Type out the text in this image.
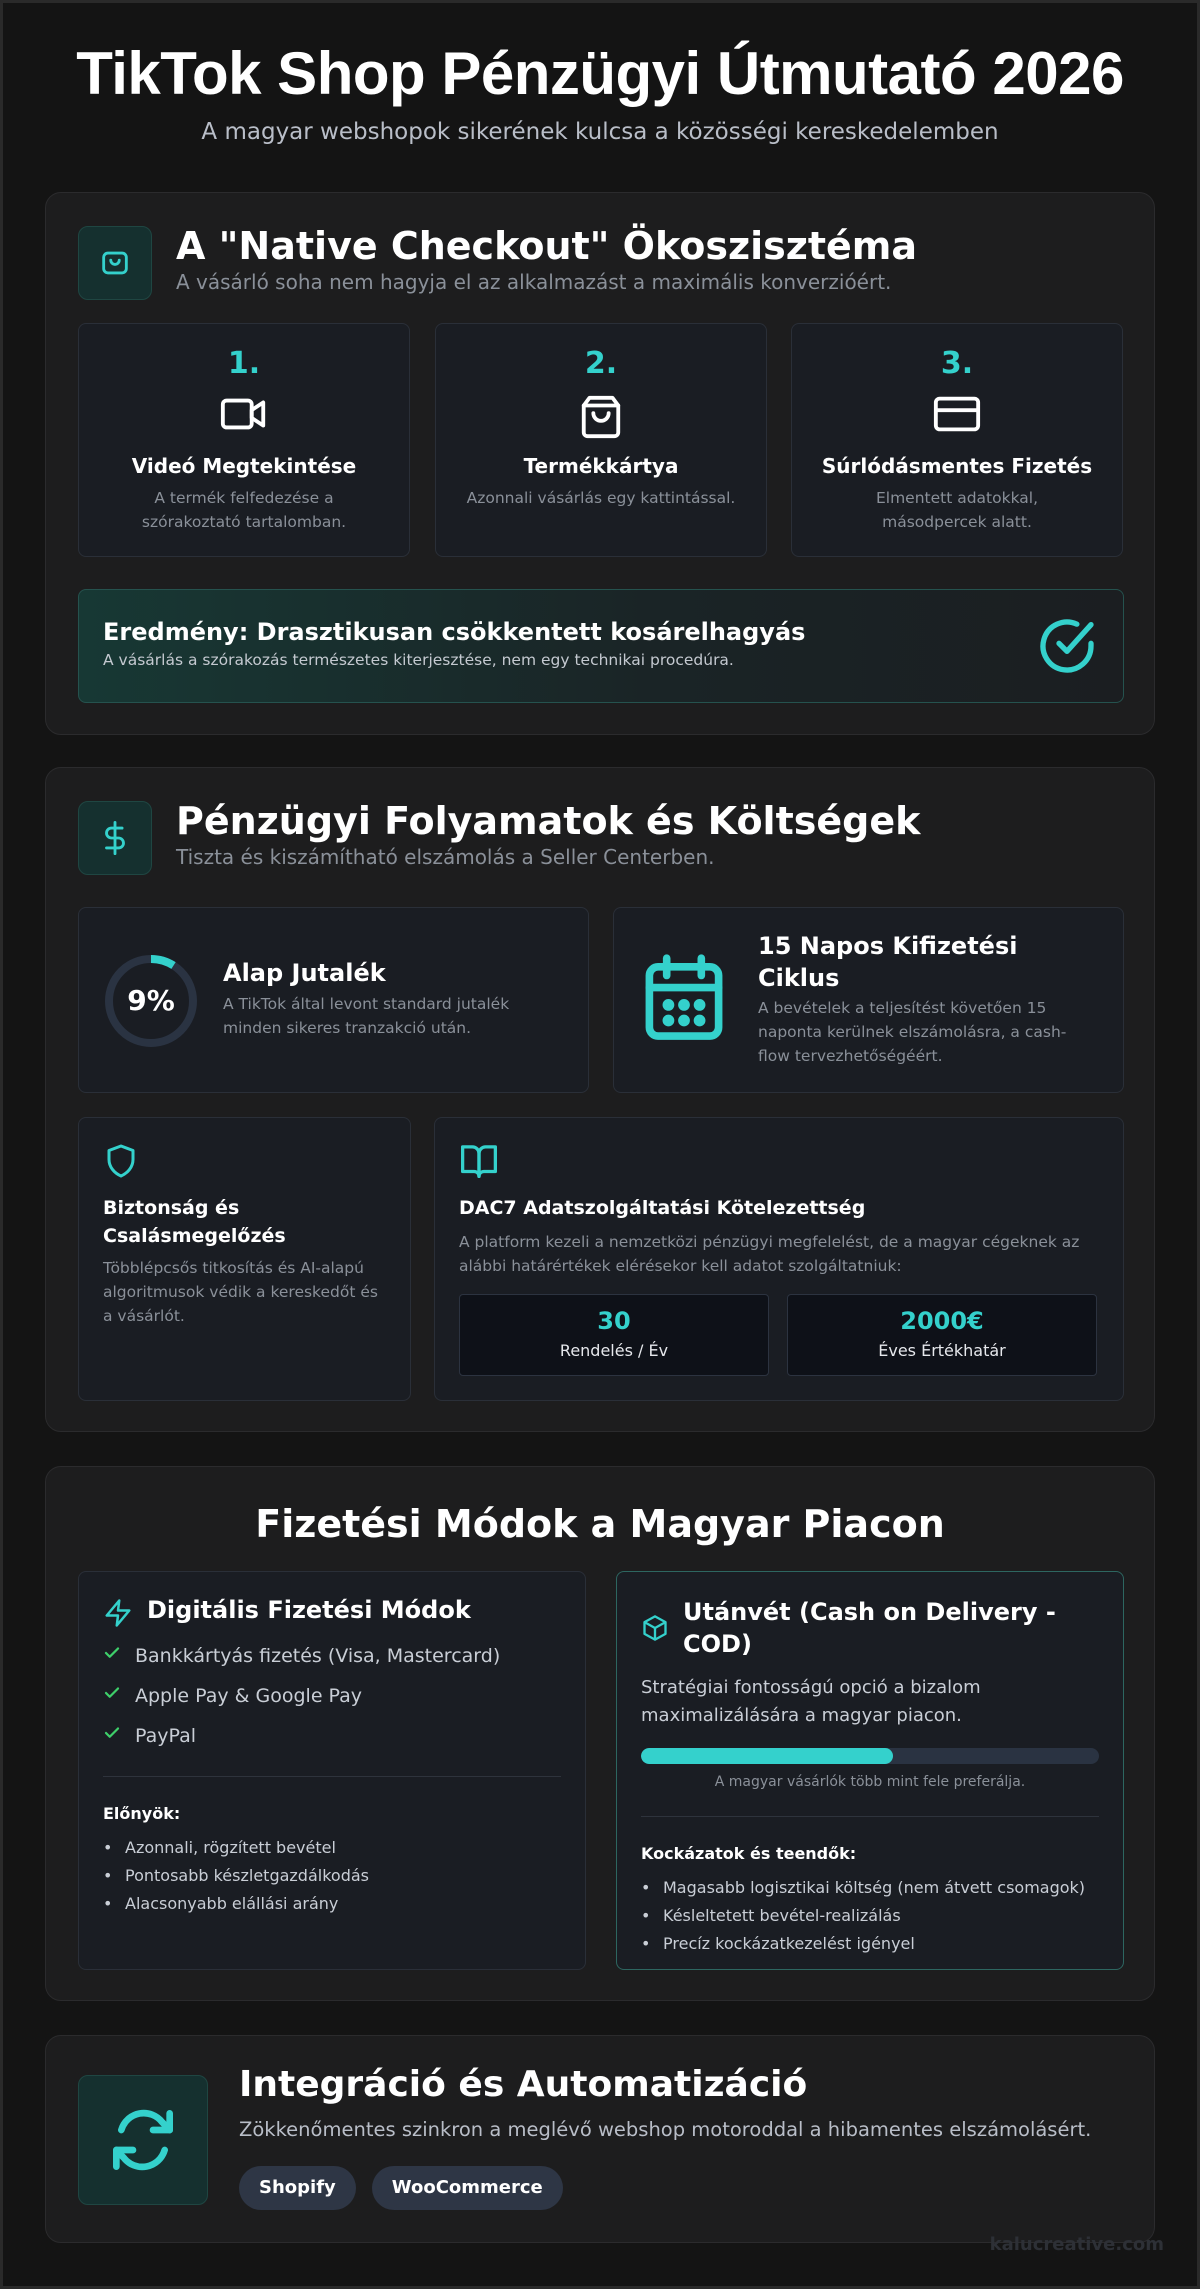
TikTok Shop Pénzügyi Útmutató 2026
A magyar webshopok sikerének kulcsa a közösségi kereskedelemben
A "Native Checkout" Ökoszisztéma
A vásárló soha nem hagyja el az alkalmazást a maximális konverzióért.
1.
Videó Megtekintése
A termék felfedezése a szórakoztató tartalomban.
2.
Termékkártya
Azonnali vásárlás egy kattintással.
3.
Súrlódásmentes Fizetés
Elmentett adatokkal, másodpercek alatt.
Eredmény: Drasztikusan csökkentett kosárelhagyás
A vásárlás a szórakozás természetes kiterjesztése, nem egy technikai procedúra.
Pénzügyi Folyamatok és Költségek
Tiszta és kiszámítható elszámolás a Seller Centerben.
9%
Alap Jutalék
A TikTok által levont standard jutalék minden sikeres tranzakció után.
15 Napos Kifizetési Ciklus
A bevételek a teljesítést követően 15 naponta kerülnek elszámolásra, a cash-flow tervezhetőségéért.
Biztonság és Csalásmegelőzés
Többlépcsős titkosítás és AI-alapú algoritmusok védik a kereskedőt és a vásárlót.
DAC7 Adatszolgáltatási Kötelezettség
A platform kezeli a nemzetközi pénzügyi megfelelést, de a magyar cégeknek az alábbi határértékek elérésekor kell adatot szolgáltatniuk:
30
Rendelés / Év
2000€
Éves Értékhatár
Fizetési Módok a Magyar Piacon
Digitális Fizetési Módok
Bankkártyás fizetés (Visa, Mastercard)
Apple Pay & Google Pay
PayPal
Előnyök:
• Azonnali, rögzített bevétel
• Pontosabb készletgazdálkodás
• Alacsonyabb elállási arány
Utánvét (Cash on Delivery - COD)
Stratégiai fontosságú opció a bizalom maximalizálására a magyar piacon.
A magyar vásárlók több mint fele preferálja.
Kockázatok és teendők:
• Magasabb logisztikai költség (nem átvett csomagok)
• Késleltetett bevétel-realizálás
• Precíz kockázatkezelést igényel
Integráció és Automatizáció
Zökkenőmentes szinkron a meglévő webshop motoroddal a hibamentes elszámolásért.
Shopify	WooCommerce
kalucreative.com
